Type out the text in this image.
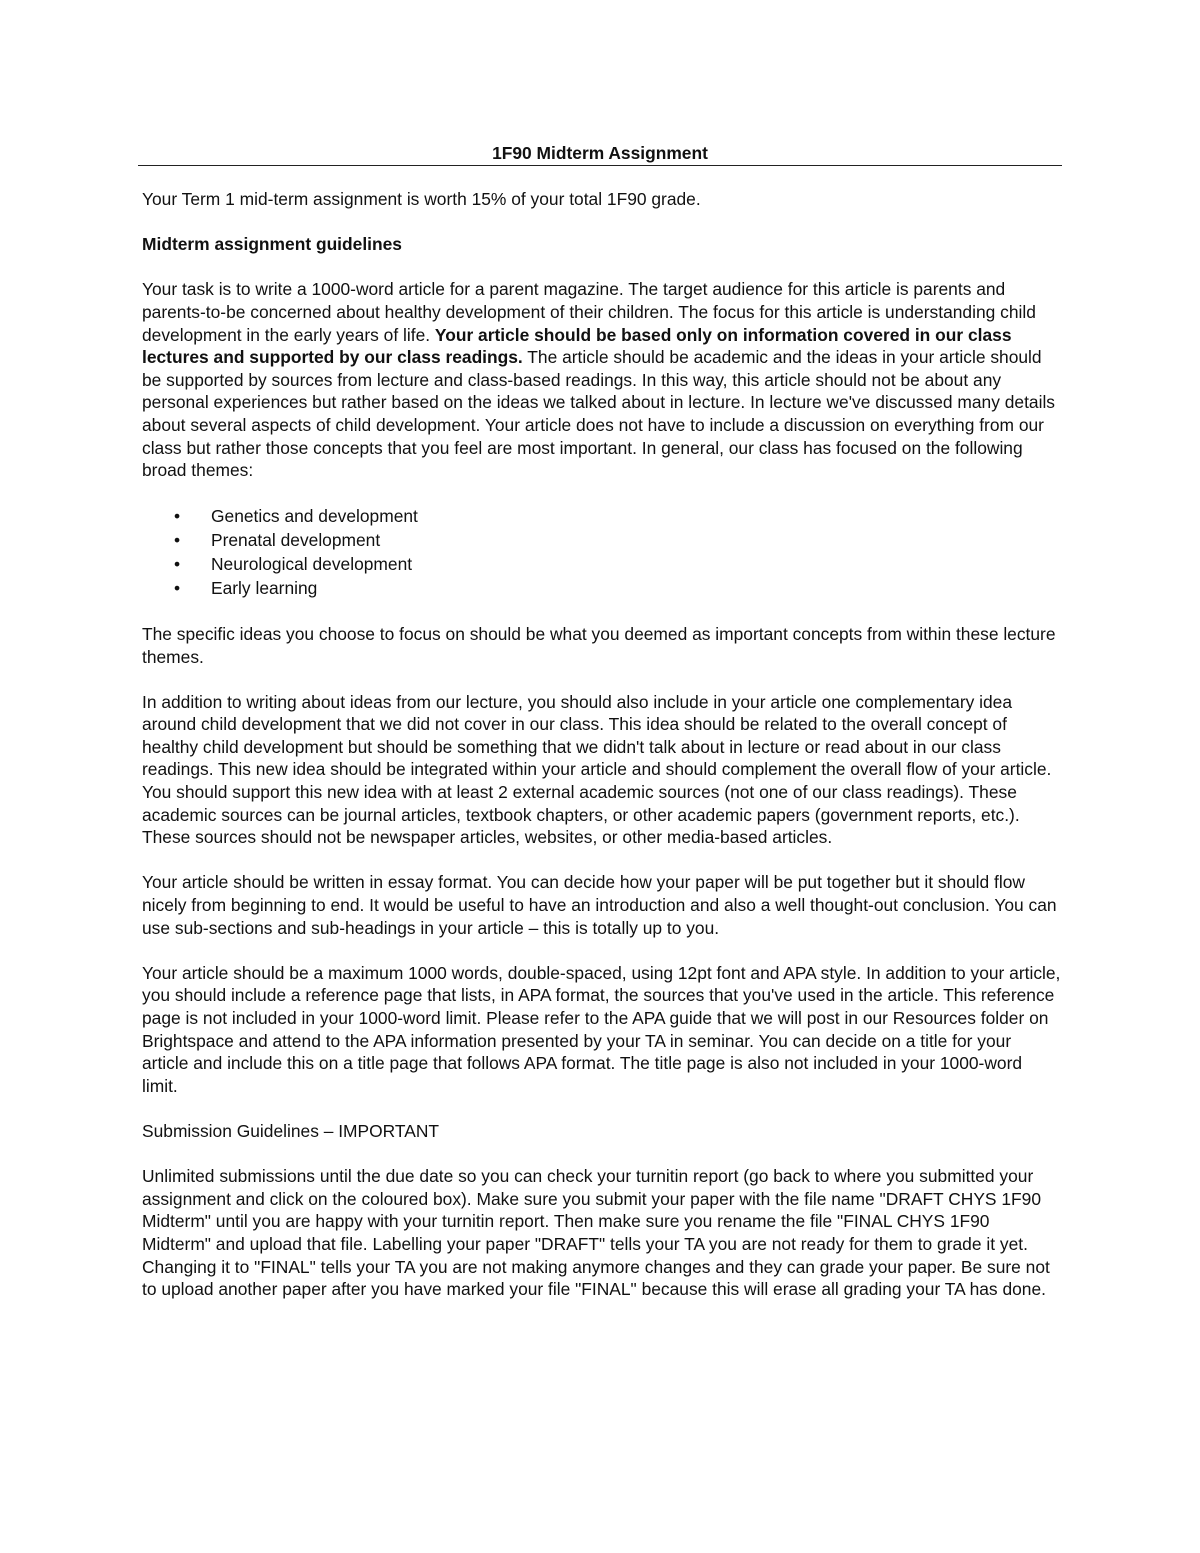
1F90 Midterm Assignment

Your Term 1 mid-term assignment is worth 15% of your total 1F90 grade.

Midterm assignment guidelines

Your task is to write a 1000-word article for a parent magazine. The target audience for this article is parents and parents-to-be concerned about healthy development of their children. The focus for this article is understanding child development in the early years of life. Your article should be based only on information covered in our class lectures and supported by our class readings. The article should be academic and the ideas in your article should be supported by sources from lecture and class-based readings. In this way, this article should not be about any personal experiences but rather based on the ideas we talked about in lecture. In lecture we've discussed many details about several aspects of child development. Your article does not have to include a discussion on everything from our class but rather those concepts that you feel are most important. In general, our class has focused on the following broad themes:

• Genetics and development
• Prenatal development
• Neurological development
• Early learning

The specific ideas you choose to focus on should be what you deemed as important concepts from within these lecture themes.

In addition to writing about ideas from our lecture, you should also include in your article one complementary idea around child development that we did not cover in our class. This idea should be related to the overall concept of healthy child development but should be something that we didn't talk about in lecture or read about in our class readings. This new idea should be integrated within your article and should complement the overall flow of your article. You should support this new idea with at least 2 external academic sources (not one of our class readings). These academic sources can be journal articles, textbook chapters, or other academic papers (government reports, etc.). These sources should not be newspaper articles, websites, or other media-based articles.

Your article should be written in essay format. You can decide how your paper will be put together but it should flow nicely from beginning to end. It would be useful to have an introduction and also a well thought-out conclusion. You can use sub-sections and sub-headings in your article – this is totally up to you.

Your article should be a maximum 1000 words, double-spaced, using 12pt font and APA style. In addition to your article, you should include a reference page that lists, in APA format, the sources that you've used in the article. This reference page is not included in your 1000-word limit. Please refer to the APA guide that we will post in our Resources folder on Brightspace and attend to the APA information presented by your TA in seminar. You can decide on a title for your article and include this on a title page that follows APA format. The title page is also not included in your 1000-word limit.

Submission Guidelines – IMPORTANT

Unlimited submissions until the due date so you can check your turnitin report (go back to where you submitted your assignment and click on the coloured box). Make sure you submit your paper with the file name "DRAFT CHYS 1F90 Midterm" until you are happy with your turnitin report. Then make sure you rename the file "FINAL CHYS 1F90 Midterm" and upload that file. Labelling your paper "DRAFT" tells your TA you are not ready for them to grade it yet. Changing it to "FINAL" tells your TA you are not making anymore changes and they can grade your paper. Be sure not to upload another paper after you have marked your file "FINAL" because this will erase all grading your TA has done.
